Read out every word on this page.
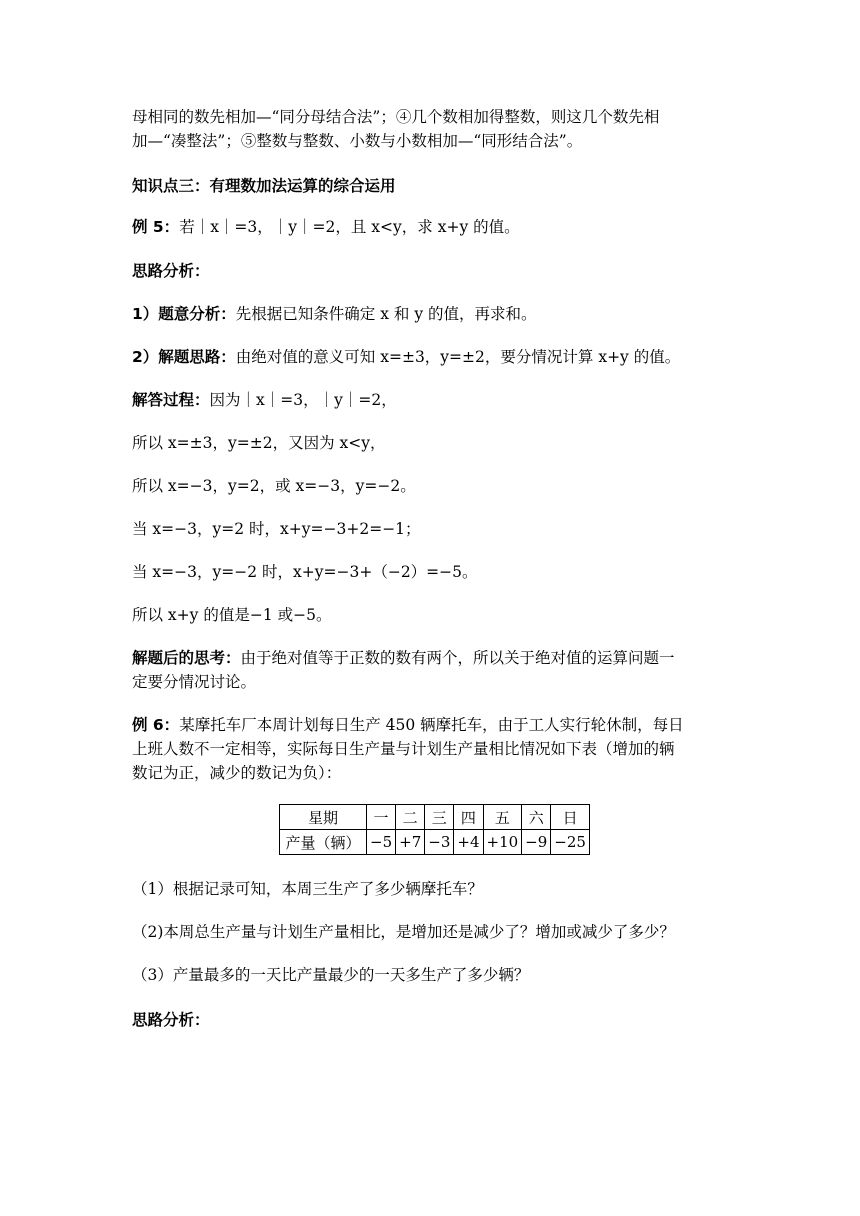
母相同的数先相加—“同分母结合法”；④几个数相加得整数，则这几个数先相
加—“凑整法”；⑤整数与整数、小数与小数相加—“同形结合法”。
知识点三：有理数加法运算的综合运用
例 5：若｜x｜=3，｜y｜=2，且 x<y，求 x+y 的值。
思路分析：
1）题意分析：先根据已知条件确定 x 和 y 的值，再求和。
2）解题思路：由绝对值的意义可知 x=±3，y=±2，要分情况计算 x+y 的值。
解答过程：因为｜x｜=3，｜y｜=2，
所以 x=±3，y=±2，又因为 x<y，
所以 x=−3，y=2，或 x=−3，y=−2。
当 x=−3，y=2 时，x+y=−3+2=−1；
当 x=−3，y=−2 时，x+y=−3+（−2）=−5。
所以 x+y 的值是−1 或−5。
解题后的思考：由于绝对值等于正数的数有两个，所以关于绝对值的运算问题一
定要分情况讨论。
例 6：某摩托车厂本周计划每日生产 450 辆摩托车，由于工人实行轮休制，每日
上班人数不一定相等，实际每日生产量与计划生产量相比情况如下表（增加的辆
数记为正，减少的数记为负）：
星期	一	二	三	四	五	六	日
产量（辆）	−5	+7	−3	+4	+10	−9	−25
（1）根据记录可知，本周三生产了多少辆摩托车？
（2)本周总生产量与计划生产量相比，是增加还是减少了？增加或减少了多少？
（3）产量最多的一天比产量最少的一天多生产了多少辆？
思路分析：
